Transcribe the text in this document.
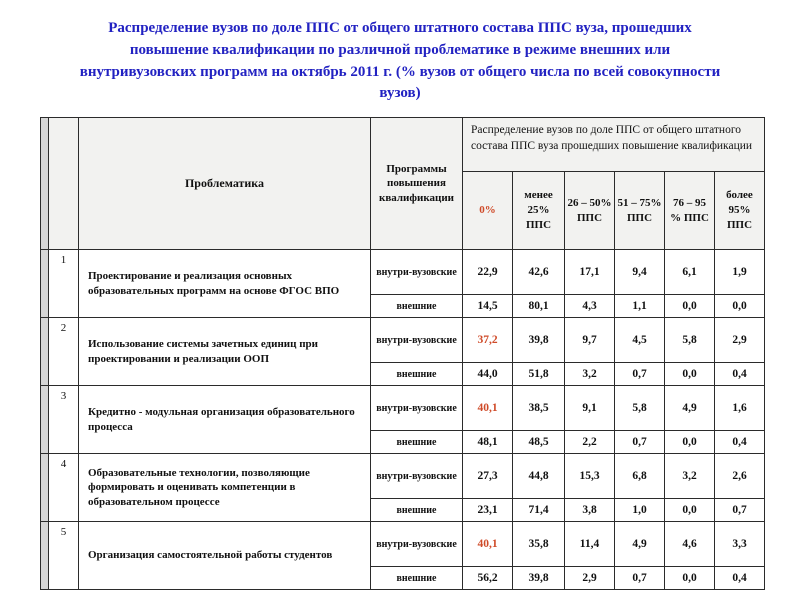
Распределение вузов по доле ППС от общего штатного состава ППС вуза, прошедших повышение квалификации по различной проблематике в режиме внешних или внутривузовских программ на октябрь 2011 г. (% вузов от общего числа по всей совокупности вузов)
		Проблематика	Программы повышения квалификации	Распределение вузов по доле ППС от общего штатного состава ППС вуза прошедших повышение квалификации					
				0%	менее 25% ППС	26 – 50% ППС	51 – 75% ППС	76 – 95 % ППС	более 95% ППС
	1	Проектирование и реализация основных образовательных программ на основе ФГОС ВПО	внутри-вузовские	22,9	42,6	17,1	9,4	6,1	1,9
			внешние	14,5	80,1	4,3	1,1	0,0	0,0
	2	Использование системы зачетных единиц при проектировании и реализации ООП	внутри-вузовские	37,2	39,8	9,7	4,5	5,8	2,9
			внешние	44,0	51,8	3,2	0,7	0,0	0,4
	3	Кредитно - модульная организация образовательного процесса	внутри-вузовские	40,1	38,5	9,1	5,8	4,9	1,6
			внешние	48,1	48,5	2,2	0,7	0,0	0,4
	4	Образовательные технологии, позволяющие формировать и оценивать компетенции в образовательном процессе	внутри-вузовские	27,3	44,8	15,3	6,8	3,2	2,6
			внешние	23,1	71,4	3,8	1,0	0,0	0,7
	5	Организация самостоятельной работы студентов	внутри-вузовские	40,1	35,8	11,4	4,9	4,6	3,3
			внешние	56,2	39,8	2,9	0,7	0,0	0,4
